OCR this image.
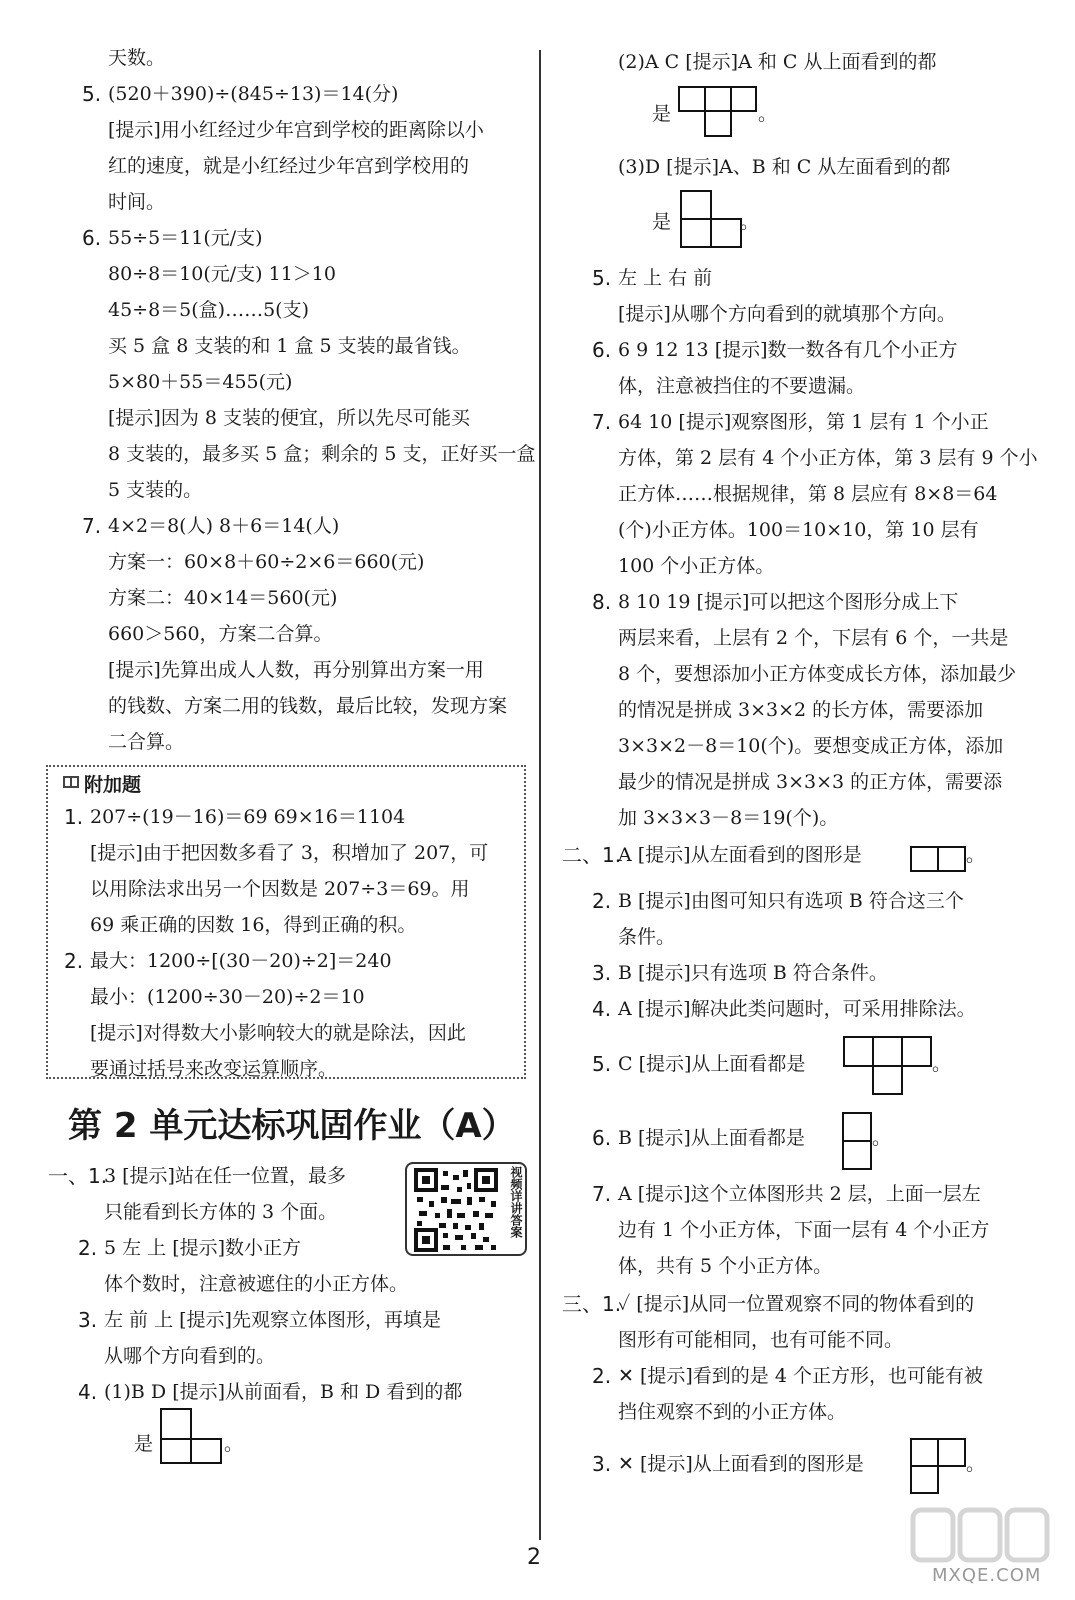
附加题
第 2 单元达标巩固作业（A）
视频详讲答案
。
。
。
。
。
。
。
2
MXQE.COM
天数。
5. (520＋390)÷(845÷13)＝14(分)
[提示]用小红经过少年宫到学校的距离除以小
红的速度，就是小红经过少年宫到学校用的
时间。
6. 55÷5＝11(元/支)
80÷8＝10(元/支) 11＞10
45÷8＝5(盒)……5(支)
买 5 盒 8 支装的和 1 盒 5 支装的最省钱。
5×80＋55＝455(元)
[提示]因为 8 支装的便宜，所以先尽可能买
8 支装的，最多买 5 盒；剩余的 5 支，正好买一盒
5 支装的。
7. 4×2＝8(人) 8＋6＝14(人)
方案一：60×8＋60÷2×6＝660(元)
方案二：40×14＝560(元)
660＞560，方案二合算。
[提示]先算出成人人数，再分别算出方案一用
的钱数、方案二用的钱数，最后比较，发现方案
二合算。
1. 207÷(19－16)＝69 69×16＝1104
[提示]由于把因数多看了 3，积增加了 207，可
以用除法求出另一个因数是 207÷3＝69。用
69 乘正确的因数 16，得到正确的积。
2. 最大：1200÷[(30－20)÷2]＝240
最小：(1200÷30－20)÷2＝10
[提示]对得数大小影响较大的就是除法，因此
要通过括号来改变运算顺序。
一、1.
3 [提示]站在任一位置，最多
只能看到长方体的 3 个面。
2. 5 左 上 [提示]数小正方
体个数时，注意被遮住的小正方体。
3. 左 前 上 [提示]先观察立体图形，再填是
从哪个方向看到的。
4. (1)B D [提示]从前面看，B 和 D 看到的都
是
(2)A C [提示]A 和 C 从上面看到的都
是
(3)D [提示]A、B 和 C 从左面看到的都
是
5. 左 上 右 前
[提示]从哪个方向看到的就填那个方向。
6. 6 9 12 13 [提示]数一数各有几个小正方
体，注意被挡住的不要遗漏。
7. 64 10 [提示]观察图形，第 1 层有 1 个小正
方体，第 2 层有 4 个小正方体，第 3 层有 9 个小
正方体……根据规律，第 8 层应有 8×8＝64
(个)小正方体。100＝10×10，第 10 层有
100 个小正方体。
8. 8 10 19 [提示]可以把这个图形分成上下
两层来看，上层有 2 个，下层有 6 个，一共是
8 个，要想添加小正方体变成长方体，添加最少
的情况是拼成 3×3×2 的长方体，需要添加
3×3×2－8＝10(个)。要想变成正方体，添加
最少的情况是拼成 3×3×3 的正方体，需要添
加 3×3×3－8＝19(个)。
二、1.
A [提示]从左面看到的图形是
2. B [提示]由图可知只有选项 B 符合这三个
条件。
3. B [提示]只有选项 B 符合条件。
4. A [提示]解决此类问题时，可采用排除法。
5. C [提示]从上面看都是
6. B [提示]从上面看都是
7. A [提示]这个立体图形共 2 层，上面一层左
边有 1 个小正方体，下面一层有 4 个小正方
体，共有 5 个小正方体。
三、1.
✓ [提示]从同一位置观察不同的物体看到的
图形有可能相同，也有可能不同。
2. ✕ [提示]看到的是 4 个正方形，也可能有被
挡住观察不到的小正方体。
3. ✕ [提示]从上面看到的图形是
